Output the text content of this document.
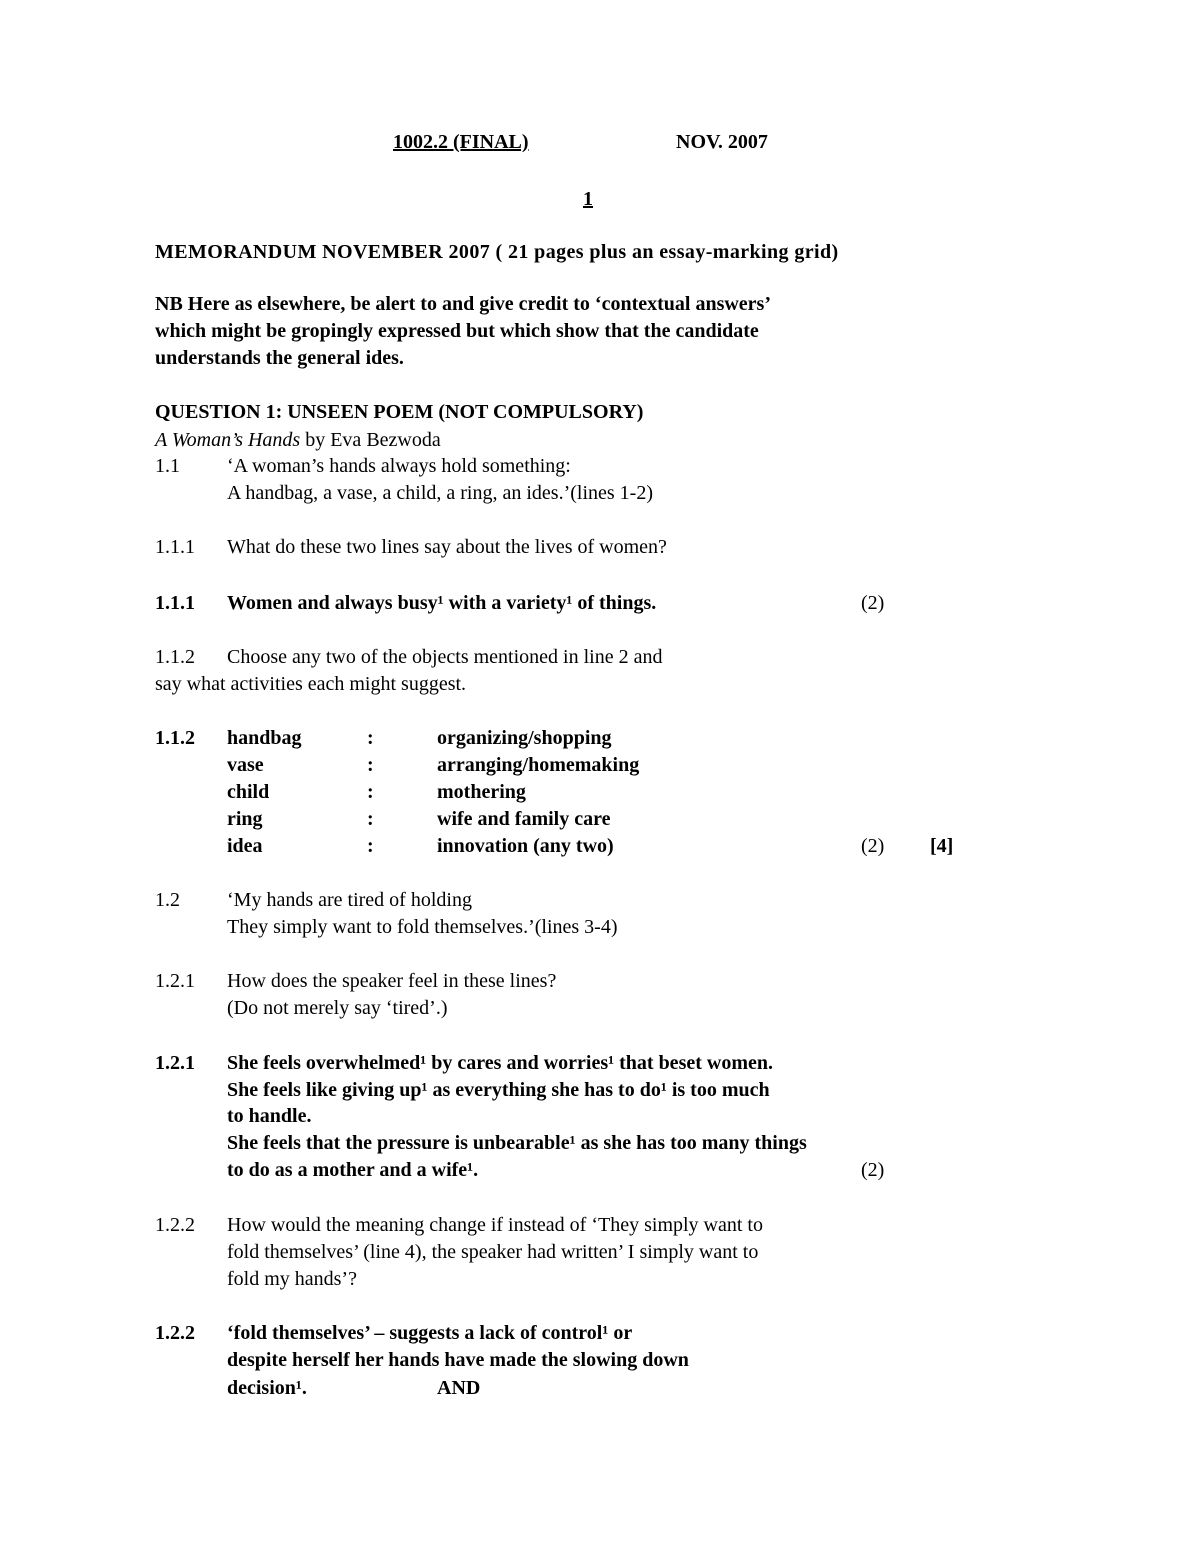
1002.2 (FINAL)	NOV. 2007
1
MEMORANDUM NOVEMBER 2007 ( 21 pages plus an essay-marking grid)
NB Here as elsewhere, be alert to and give credit to ‘contextual answers’
which might be gropingly expressed but which show that the candidate
understands the general ides.
QUESTION 1: UNSEEN POEM (NOT COMPULSORY)
A Woman’s Hands by Eva Bezwoda
1.1 ‘A woman’s hands always hold something:
A handbag, a vase, a child, a ring, an ides.’(lines 1-2)
1.1.1 What do these two lines say about the lives of women?
1.1.1 Women and always busy¹ with a variety¹ of things.	(2)
1.1.2 Choose any two of the objects mentioned in line 2 and
say what activities each might suggest.
1.1.2 handbag	:	organizing/shopping
vase	:	arranging/homemaking
child	:	mothering
ring	:	wife and family care
idea	:	innovation (any two)	(2) [4]
1.2 ‘My hands are tired of holding
They simply want to fold themselves.’(lines 3-4)
1.2.1 How does the speaker feel in these lines?
(Do not merely say ‘tired’.)
1.2.1 She feels overwhelmed¹ by cares and worries¹ that beset women.
She feels like giving up¹ as everything she has to do¹ is too much
to handle.
She feels that the pressure is unbearable¹ as she has too many things
to do as a mother and a wife¹.	(2)
1.2.2 How would the meaning change if instead of ‘They simply want to
fold themselves’ (line 4), the speaker had written’ I simply want to
fold my hands’?
1.2.2 ‘fold themselves’ – suggests a lack of control¹ or
despite herself her hands have made the slowing down
decision¹.	AND
